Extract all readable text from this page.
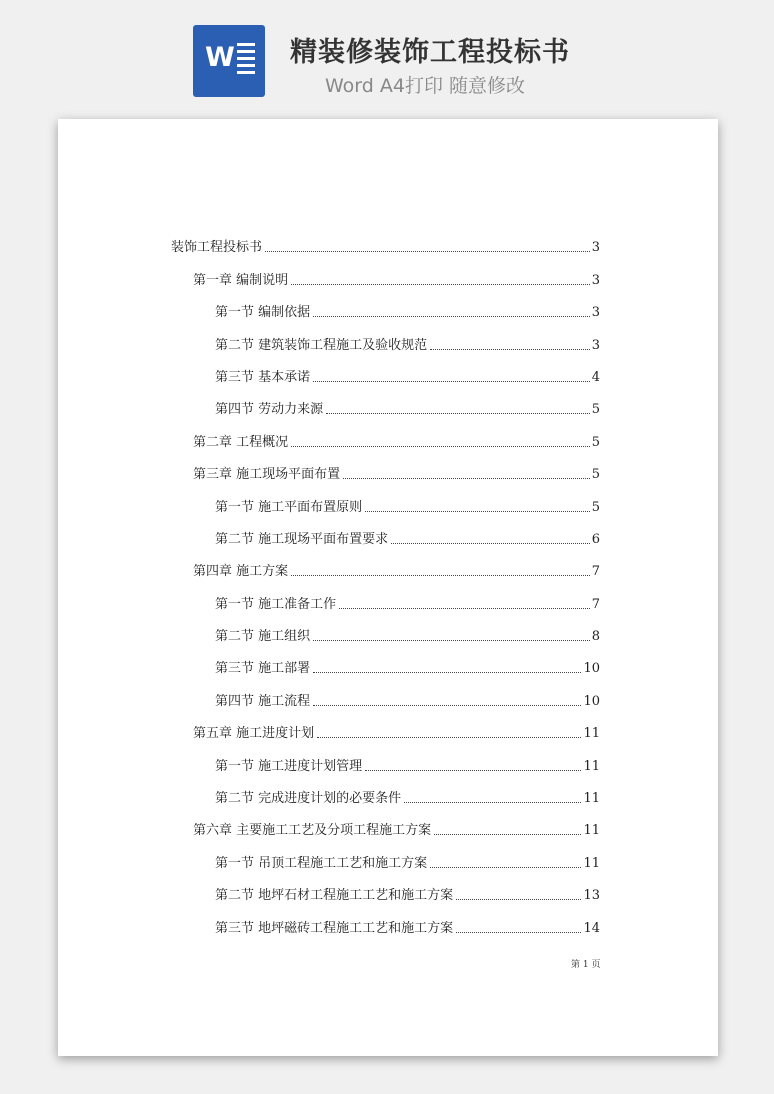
W 精装修装饰工程投标书
Word A4打印 随意修改
装饰工程投标书	3
第一章 编制说明	3
第一节 编制依据	3
第二节 建筑装饰工程施工及验收规范	3
第三节 基本承诺	4
第四节 劳动力来源	5
第二章 工程概况	5
第三章 施工现场平面布置	5
第一节 施工平面布置原则	5
第二节 施工现场平面布置要求	6
第四章 施工方案	7
第一节 施工准备工作	7
第二节 施工组织	8
第三节 施工部署	10
第四节 施工流程	10
第五章 施工进度计划	11
第一节 施工进度计划管理	11
第二节 完成进度计划的必要条件	11
第六章 主要施工工艺及分项工程施工方案	11
第一节 吊顶工程施工工艺和施工方案	11
第二节 地坪石材工程施工工艺和施工方案	13
第三节 地坪磁砖工程施工工艺和施工方案	14
第 1 页
